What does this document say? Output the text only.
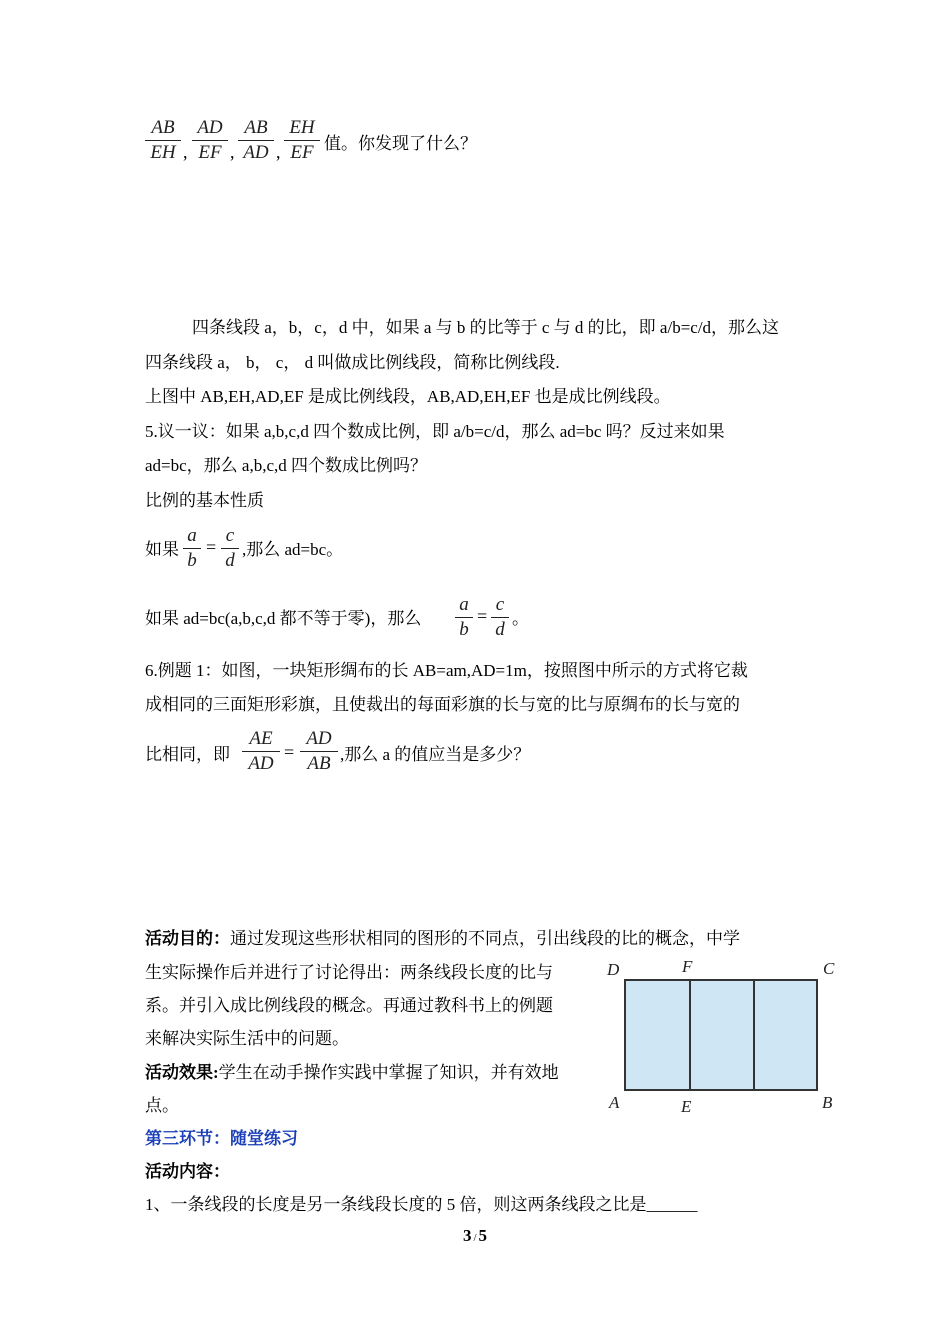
AB
EH ,
AD
EF ,
AB
AD ,
EH
EF 值。你发现了什么？
四条线段 a，b，c，d 中，如果 a 与 b 的比等于 c 与 d 的比，即 a/b=c/d，那么这
四条线段 a， b， c， d 叫做成比例线段，简称比例线段.
上图中 AB,EH,AD,EF 是成比例线段，AB,AD,EH,EF 也是成比例线段。
5.议一议：如果 a,b,c,d 四个数成比例，即 a/b=c/d，那么 ad=bc 吗？反过来如果
ad=bc，那么 a,b,c,d 四个数成比例吗？
比例的基本性质
如果
a
b
=
c
d
,那么 ad=bc。
如果 ad=bc(a,b,c,d 都不等于零)，那么
a
b
=
c
d
。
6.例题 1：如图，一块矩形绸布的长 AB=am,AD=1m，按照图中所示的方式将它裁
成相同的三面矩形彩旗，且使裁出的每面彩旗的长与宽的比与原绸布的长与宽的
比相同，即
AE
AD
=
AD
AB ,那么 a 的值应当是多少？
活动目的：通过发现这些形状相同的图形的不同点，引出线段的比的概念，中学
生实际操作后并进行了讨论得出：两条线段长度的比与
系。并引入成比例线段的概念。再通过教科书上的例题
来解决实际生活中的问题。
活动效果:学生在动手操作实践中掌握了知识，并有效地
点。
D	F	C
A	E	B
第三环节：随堂练习
活动内容：
1、一条线段的长度是另一条线段长度的 5 倍，则这两条线段之比是______
3 / 5
